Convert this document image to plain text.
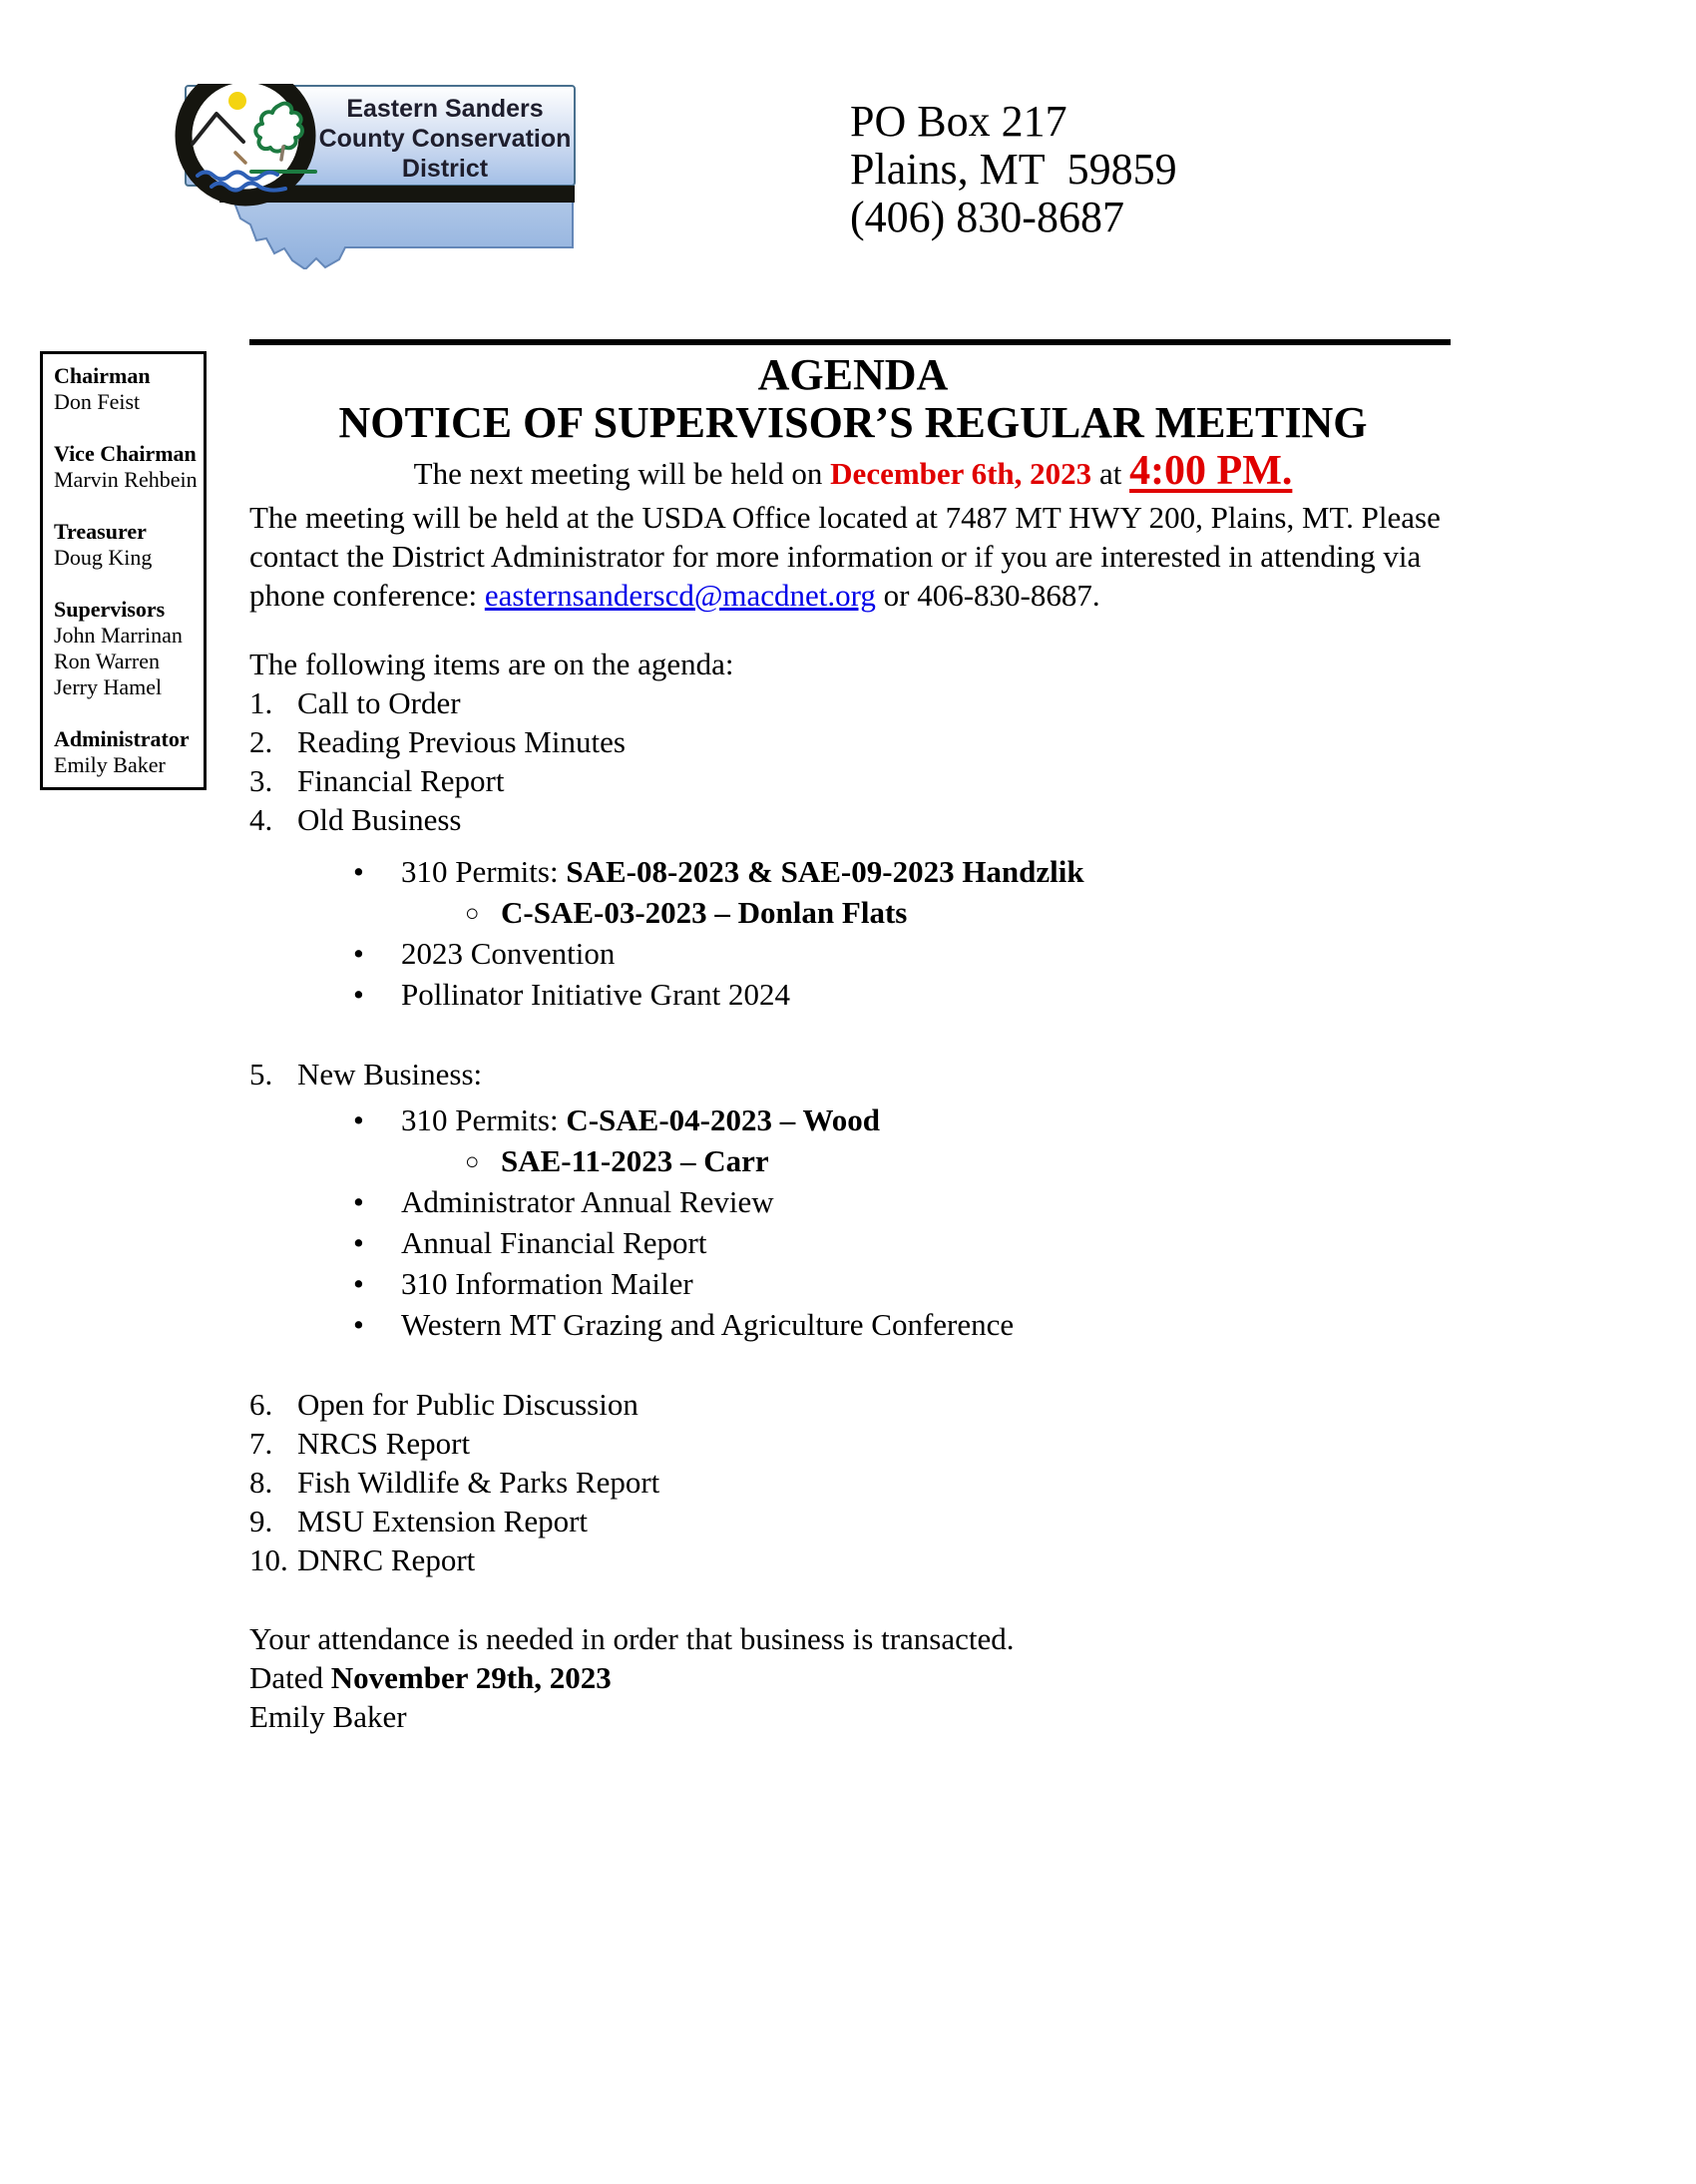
Eastern Sanders
County Conservation
District
PO Box 217
Plains, MT  59859
(406) 830-8687
Chairman
Don Feist
Vice Chairman
Marvin Rehbein
Treasurer
Doug King
Supervisors
John Marrinan
Ron Warren
Jerry Hamel
Administrator
Emily Baker
AGENDA
NOTICE OF SUPERVISOR’S REGULAR MEETING
The next meeting will be held on December 6th, 2023 at 4:00 PM.
The meeting will be held at the USDA Office located at 7487 MT HWY 200, Plains, MT. Please contact the District Administrator for more information or if you are interested in attending via phone conference: easternsanderscd@macdnet.org or 406-830-8687.
The following items are on the agenda:
1. Call to Order
2. Reading Previous Minutes
3. Financial Report
4. Old Business
• 310 Permits: SAE-08-2023 & SAE-09-2023 Handzlik
○ C-SAE-03-2023 – Donlan Flats
• 2023 Convention
• Pollinator Initiative Grant 2024
5. New Business:
• 310 Permits: C-SAE-04-2023 – Wood
○ SAE-11-2023 – Carr
• Administrator Annual Review
• Annual Financial Report
• 310 Information Mailer
• Western MT Grazing and Agriculture Conference
6. Open for Public Discussion
7. NRCS Report
8. Fish Wildlife & Parks Report
9. MSU Extension Report
10. DNRC Report
Your attendance is needed in order that business is transacted.
Dated November 29th, 2023
Emily Baker
